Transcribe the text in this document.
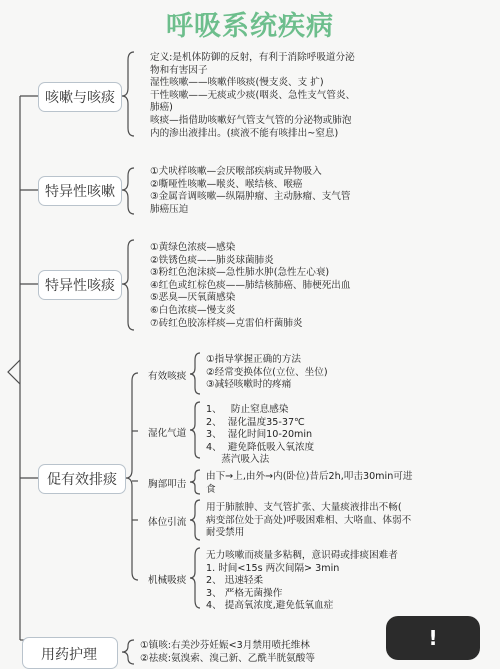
呼吸系统疾病
咳嗽与咳痰
特异性咳嗽
特异性咳痰
促有效排痰
用药护理
定义:是机体防御的反射，有利于消除呼吸道分泌
物和有害因子
湿性咳嗽——咳嗽伴咳痰(慢支炎、支 扩)
干性咳嗽——无痰或少痰(咽炎、急性支气管炎、
肺癌)
咳痰—指借助咳嗽好气管支气管的分泌物或肺泡
内的渗出液排出。(痰液不能有咳排出~窒息)
①犬吠样咳嗽—会厌喉部疾病或异物吸入
②嘶哑性咳嗽—喉炎、喉结核、喉癌
③金属音调咳嗽—纵隔肿瘤、主动脉瘤、支气管
肺癌压迫
①黄绿色浓痰—感染
②铁锈色痰——肺炎球菌肺炎
③粉红色泡沫痰—急性肺水肿(急性左心衰)
④红色或红棕色痰——肺结核肺癌、肺梗死出血
⑤恶臭—厌氧菌感染
⑥白色浓痰—慢支炎
⑦砖红色胶冻样痰—克雷伯杆菌肺炎
有效咳痰
湿化气道
胸部叩击
体位引流
机械吸痰
①指导掌握正确的方法
②经常变换体位(立位、坐位)
③减轻咳嗽时的疼痛
1、   防止窒息感染
2、  湿化温度35-37℃
3、  湿化时间10-20min
4、  避免降低吸入氧浓度
蒸汽吸入法
由下→上,由外→内(卧位)昔后2h,叩击30min可进
食
用于肺脓肿、支气管扩张、大量痰液排出不畅(
病变部位处于高处)呼吸困难相、大咯血、体弱不
耐受禁用
无力咳嗽而痰量多粘稠，意识碍或排痰困难者
1. 时间<15s 两次间隔> 3min
2、 迅速轻柔
3、 严格无菌操作
4、 提高氧浓度,避免低氧血症
①镇咳:右美沙芬妊娠<3月禁用喷托维林
②祛痰:氨溴索、溴己新、乙酰半胱氨酸等
!
